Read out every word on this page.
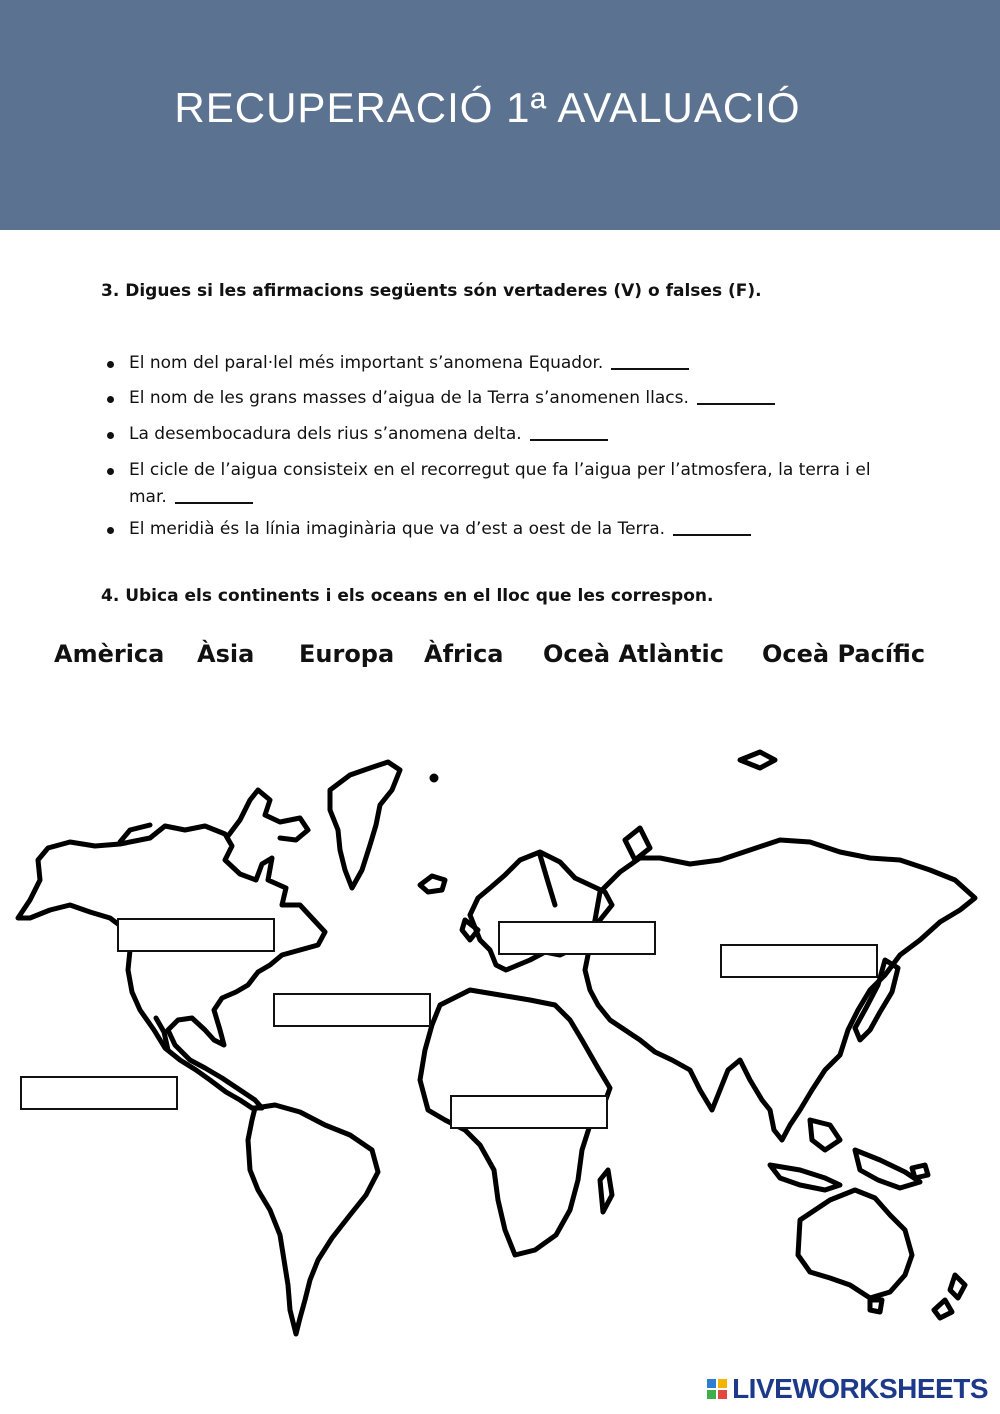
RECUPERACIÓ 1ª AVALUACIÓ
3. Digues si les afirmacions següents són vertaderes (V) o falses (F).
El nom del paral·lel més important s’anomena Equador.
El nom de les grans masses d’aigua de la Terra s’anomenen llacs.
La desembocadura dels rius s’anomena delta.
El cicle de l’aigua consisteix en el recorregut que fa l’aigua per l’atmosfera, la terra i el mar.
El meridià és la línia imaginària que va d’est a oest de la Terra.
4. Ubica els continents i els oceans en el lloc que les correspon.
Amèrica Àsia Europa Àfrica Oceà Atlàntic Oceà Pacífic
LIVEWORKSHEETS
